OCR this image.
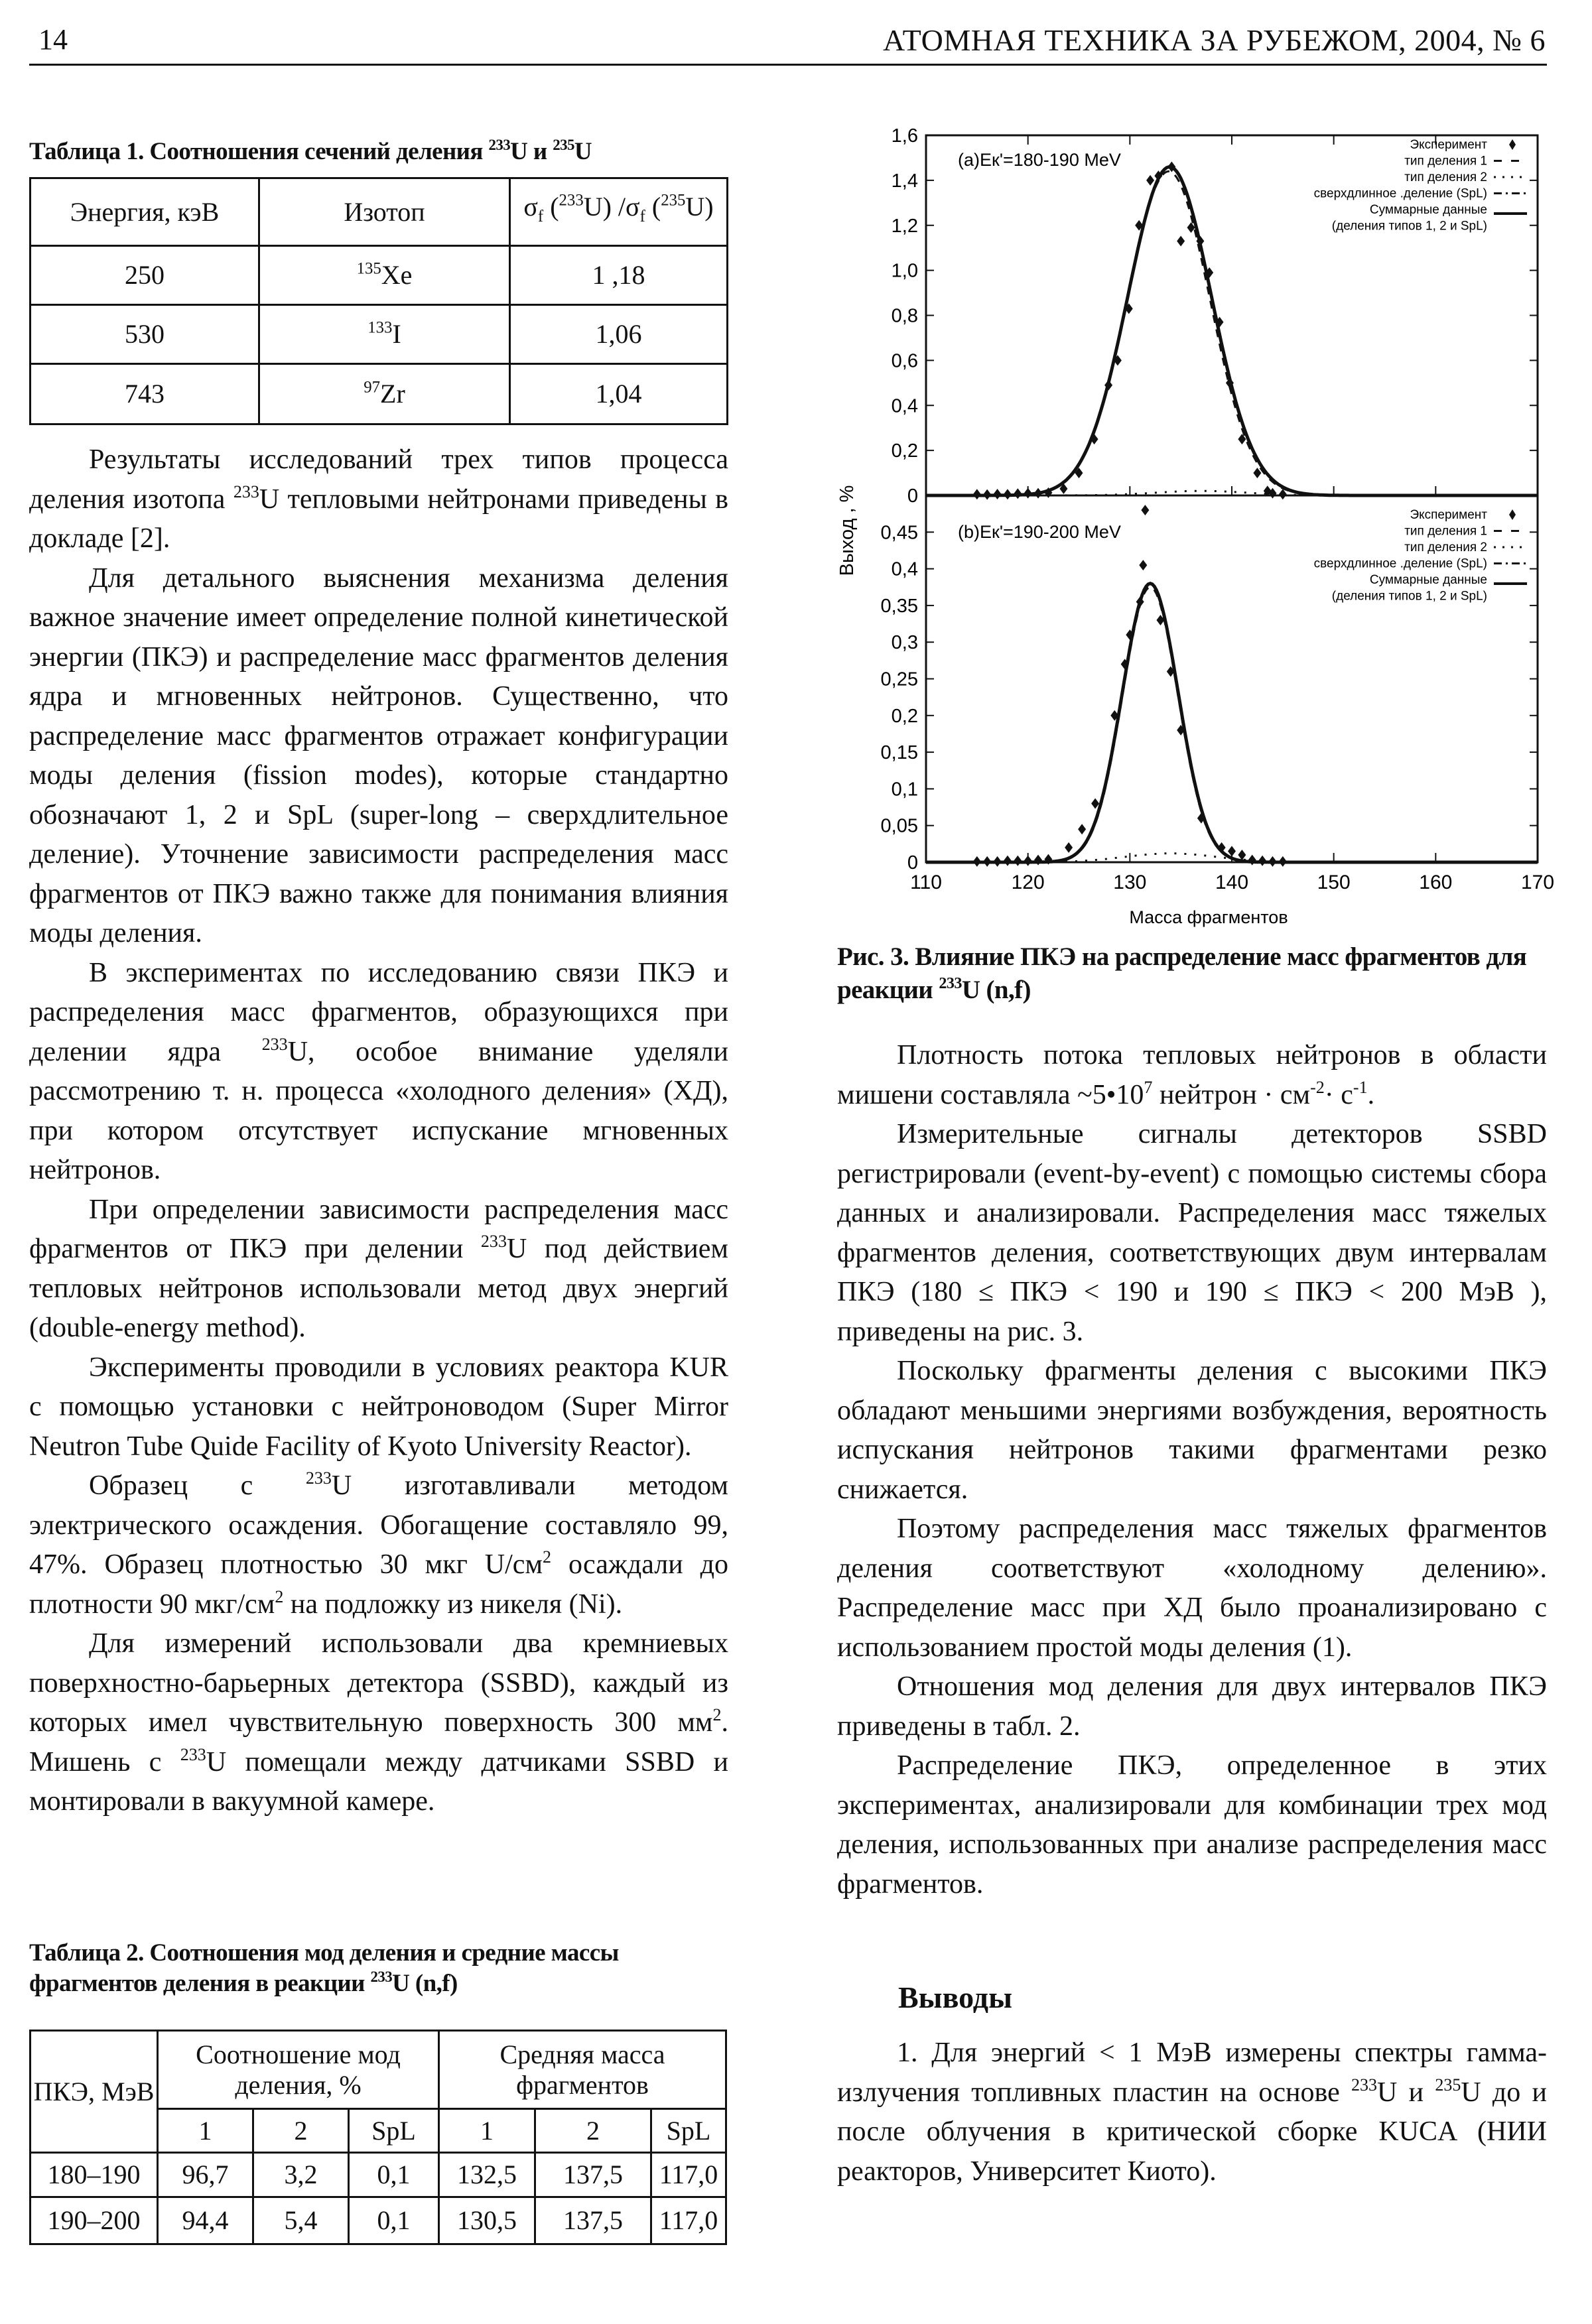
14	АТОМНАЯ ТЕХНИКА ЗА РУБЕЖОМ, 2004, № 6
Таблица 1. Соотношения сечений деления $^{233}$U и $^{235}$U
Энергия, кэВ	Изотоп	$\sigma_f$ ($^{233}$U) $/\sigma_f$ ($^{235}$U)
250	$^{135}$Xe	1 ,18
530	$^{133}$I	1,06
743	$^{97}$Zr	1,04

Результаты исследований трех типов процесса деления изотопа $^{233}$U тепловыми нейтронами приведены в докладе [2].

Для детального выяснения механизма деления важное значение имеет определение полной кинетической энергии (ПКЭ) и распределение масс фрагментов деления ядра и мгновенных нейтронов. Существенно, что распределение масс фрагментов отражает конфигурации моды деления (fission modes), которые стандартно обозначают 1, 2 и SpL (super-long – сверхдлительное деление). Уточнение зависимости распределения масс фрагментов от ПКЭ важно также для понимания влияния моды деления.

В экспериментах по исследованию связи ПКЭ и распределения масс фрагментов, образующихся при делении ядра $^{233}$U, особое внимание уделяли рассмотрению т. н. процесса «холодного деления» (ХД), при котором отсутствует испускание мгновенных нейтронов.

При определении зависимости распределения масс фрагментов от ПКЭ при делении $^{233}$U под действием тепловых нейтронов использовали метод двух энергий (double-energy method).

Эксперименты проводили в условиях реактора KUR с помощью установки с нейтроноводом (Super Mirror Neutron Tube Quide Facility of Kyoto University Reactor).

Образец с $^{233}$U изготавливали методом электрического осаждения. Обогащение составляло 99, 47%. Образец плотностью 30 мкг $U/см^2$ осаждали до плотности 90 мкг/$см^2$ на подложку из никеля (Ni).

Для измерений использовали два кремниевых поверхностно-барьерных детектора (SSBD), каждый из которых имел чувствительную поверхность 300 $мм^2$. Мишень с $^{233}$U помещали между датчиками SSBD и монтировали в вакуумной камере.

Таблица 2. Соотношения мод деления и средние массы фрагментов деления в реакции $^{233}$U (n,f)
ПКЭ, МэВ	Соотношение мод деления, %			Средняя масса фрагментов		
	1	2	SpL	1	2	SpL
180–190	96,7	3,2	0,1	132,5	137,5	117,0
190–200	94,4	5,4	0,1	130,5	137,5	117,0
110	120	130	140	150	160	170
Масса фрагментов
Выход , %	0
0,2
0,4
0,6
0,8
1,0
1,2
1,4
1,6
(a)Eк'=180-190 MeV
Эксперимент
тип деления 1
тип деления 2
сверхдлинное .деление (SpL)
Суммарные данные
(деления типов 1, 2 и SpL)
0
0,05
0,1
0,15
0,2
0,25
0,3
0,35
0,4
0,45 (b)Eк'=190-200 MeV
Эксперимент
тип деления 1
тип деления 2
сверхдлинное .деление (SpL)
Суммарные данные
(деления типов 1, 2 и SpL)
Рис. 3. Влияние ПКЭ на распределение масс фрагментов для реакции $^{233}$U (n,f)

Плотность потока тепловых нейтронов в области мишени составляла $\sim 5•10^7$ нейтрон · $см^{-2}\cdot с^{-1}$.

Измерительные сигналы детекторов SSBD регистрировали (event-by-event) с помощью системы сбора данных и анализировали. Распределения масс тяжелых фрагментов деления, соответствующих двум интервалам ПКЭ (180 ≤ ПКЭ < 190 и 190 ≤ ПКЭ < 200 МэВ ), приведены на рис. 3.

Поскольку фрагменты деления с высокими ПКЭ обладают меньшими энергиями возбуждения, вероятность испускания нейтронов такими фрагментами резко снижается.

Поэтому распределения масс тяжелых фрагментов деления соответствуют «холодному делению». Распределение масс при ХД было проанализировано с использованием простой моды деления (1).

Отношения мод деления для двух интервалов ПКЭ приведены в табл. 2.

Распределение ПКЭ, определенное в этих экспериментах, анализировали для комбинации трех мод деления, использованных при анализе распределения масс фрагментов.

Выводы

1. Для энергий < 1 МэВ измерены спектры гамма-излучения топливных пластин на основе $^{233}$U и $^{235}$U до и после облучения в критической сборке KUCA (НИИ реакторов, Университет Киото).
